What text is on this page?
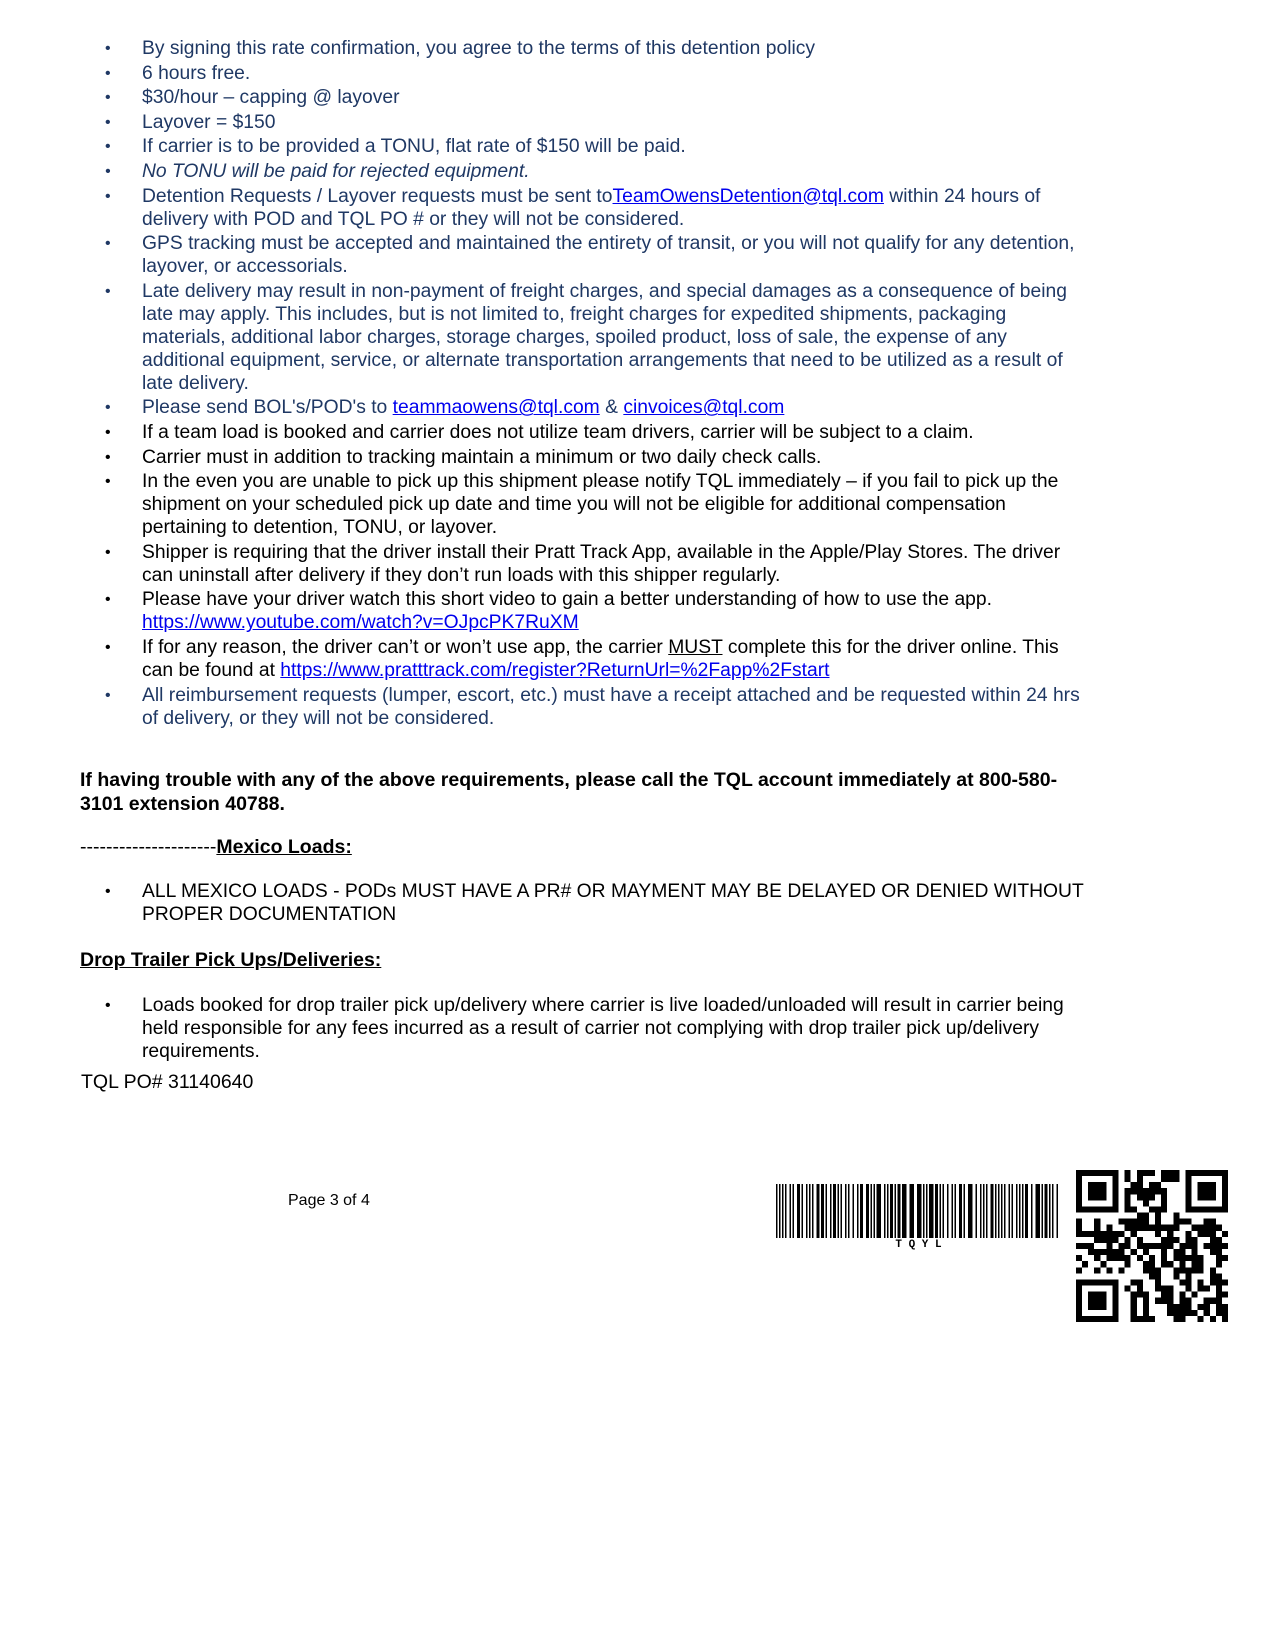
•	By signing this rate confirmation, you agree to the terms of this detention policy
•	6 hours free.
•	$30/hour – capping @ layover
•	Layover = $150
•	If carrier is to be provided a TONU, flat rate of $150 will be paid.
•	No TONU will be paid for rejected equipment.
•	Detention Requests / Layover requests must be sent toTeamOwensDetention@tql.com within 24 hours of delivery with POD and TQL PO # or they will not be considered.
•	GPS tracking must be accepted and maintained the entirety of transit, or you will not qualify for any detention, layover, or accessorials.
•	Late delivery may result in non-payment of freight charges, and special damages as a consequence of being late may apply. This includes, but is not limited to, freight charges for expedited shipments, packaging materials, additional labor charges, storage charges, spoiled product, loss of sale, the expense of any additional equipment, service, or alternate transportation arrangements that need to be utilized as a result of late delivery.
•	Please send BOL's/POD's to teammaowens@tql.com & cinvoices@tql.com
•	If a team load is booked and carrier does not utilize team drivers, carrier will be subject to a claim.
•	Carrier must in addition to tracking maintain a minimum or two daily check calls.
•	In the even you are unable to pick up this shipment please notify TQL immediately – if you fail to pick up the shipment on your scheduled pick up date and time you will not be eligible for additional compensation pertaining to detention, TONU, or layover.
•	Shipper is requiring that the driver install their Pratt Track App, available in the Apple/Play Stores. The driver can uninstall after delivery if they don’t run loads with this shipper regularly.
•	Please have your driver watch this short video to gain a better understanding of how to use the app. https://www.youtube.com/watch?v=OJpcPK7RuXM
•	If for any reason, the driver can’t or won’t use app, the carrier MUST complete this for the driver online. This can be found at https://www.pratttrack.com/register?ReturnUrl=%2Fapp%2Fstart
•	All reimbursement requests (lumper, escort, etc.) must have a receipt attached and be requested within 24 hrs of delivery, or they will not be considered.
If having trouble with any of the above requirements, please call the TQL account immediately at 800-580-3101 extension 40788.
---------------------Mexico Loads:
•	ALL MEXICO LOADS - PODs MUST HAVE A PR# OR MAYMENT MAY BE DELAYED OR DENIED WITHOUT PROPER DOCUMENTATION
Drop Trailer Pick Ups/Deliveries:
•	Loads booked for drop trailer pick up/delivery where carrier is live loaded/unloaded will result in carrier being held responsible for any fees incurred as a result of carrier not complying with drop trailer pick up/delivery requirements.
TQL PO# 31140640
Page 3 of 4
T Q Y L
